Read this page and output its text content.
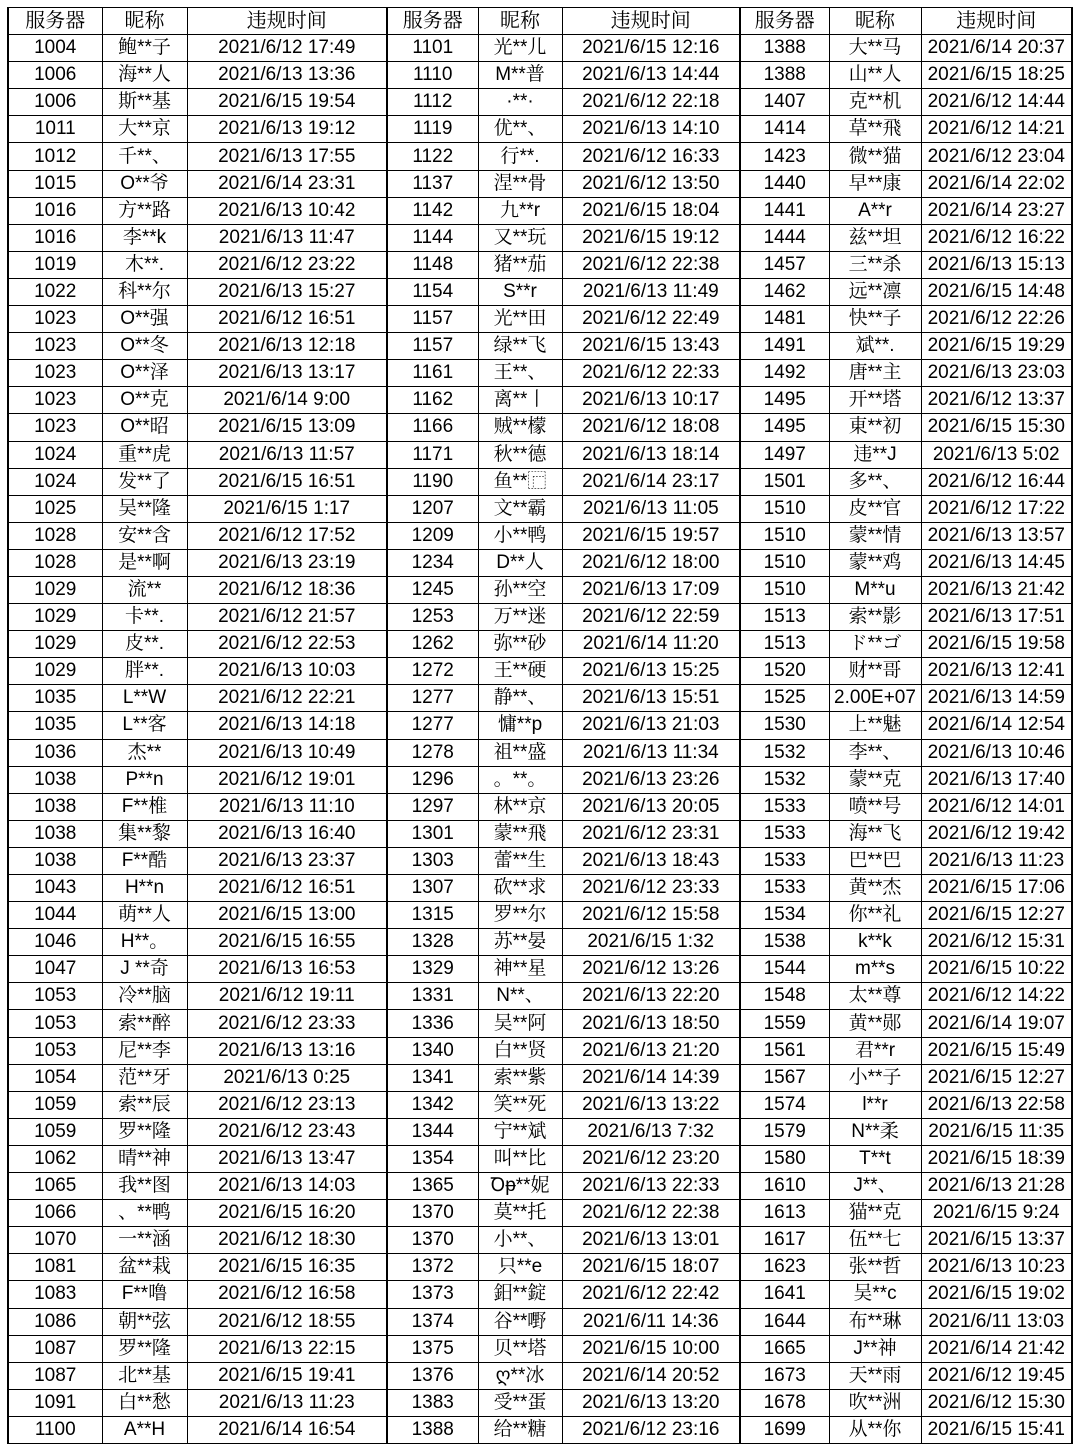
服务器	昵称	违规时间	服务器	昵称	违规时间	服务器	昵称	违规时间
1004	鲍**子	2021/6/12 17:49	1101	光**儿	2021/6/15 12:16	1388	大**马	2021/6/14 20:37
1006	海**人	2021/6/13 13:36	1110	M**普	2021/6/13 14:44	1388	山**人	2021/6/15 18:25
1006	斯**基	2021/6/15 19:54	1112	·**·	2021/6/12 22:18	1407	克**机	2021/6/12 14:44
1011	大**京	2021/6/13 19:12	1119	优**、	2021/6/13 14:10	1414	草**飛	2021/6/12 14:21
1012	千**、	2021/6/13 17:55	1122	行**.	2021/6/12 16:33	1423	微**猫	2021/6/12 23:04
1015	O**爷	2021/6/14 23:31	1137	涅**骨	2021/6/12 13:50	1440	早**康	2021/6/14 22:02
1016	方**路	2021/6/13 10:42	1142	九**r	2021/6/15 18:04	1441	A**r	2021/6/14 23:27
1016	李**k	2021/6/13 11:47	1144	又**玩	2021/6/15 19:12	1444	兹**坦	2021/6/12 16:22
1019	木**.	2021/6/12 23:22	1148	猪**茄	2021/6/12 22:38	1457	三**杀	2021/6/13 15:13
1022	科**尔	2021/6/13 15:27	1154	S**r	2021/6/13 11:49	1462	远**凛	2021/6/15 14:48
1023	O**强	2021/6/12 16:51	1157	光**田	2021/6/12 22:49	1481	快**子	2021/6/12 22:26
1023	O**冬	2021/6/13 12:18	1157	绿**飞	2021/6/15 13:43	1491	斌**.	2021/6/15 19:29
1023	O**泽	2021/6/13 13:17	1161	王**、	2021/6/12 22:33	1492	唐**主	2021/6/13 23:03
1023	O**克	2021/6/14 9:00	1162	离**丨	2021/6/13 10:17	1495	开**塔	2021/6/12 13:37
1023	O**昭	2021/6/15 13:09	1166	贼**檬	2021/6/12 18:08	1495	東**初	2021/6/15 15:30
1024	重**虎	2021/6/13 11:57	1171	秋**德	2021/6/13 18:14	1497	违**J	2021/6/13 5:02
1024	发**了	2021/6/15 16:51	1190	鱼**⿸	2021/6/14 23:17	1501	多**、	2021/6/12 16:44
1025	吴**隆	2021/6/15 1:17	1207	文**霸	2021/6/13 11:05	1510	皮**官	2021/6/12 17:22
1028	安**含	2021/6/12 17:52	1209	小**鸭	2021/6/15 19:57	1510	蒙**情	2021/6/13 13:57
1028	是**啊	2021/6/13 23:19	1234	D**人	2021/6/12 18:00	1510	蒙**鸡	2021/6/13 14:45
1029	流**	2021/6/12 18:36	1245	孙**空	2021/6/13 17:09	1510	M**u	2021/6/13 21:42
1029	卡**.	2021/6/12 21:57	1253	万**迷	2021/6/12 22:59	1513	索**影	2021/6/13 17:51
1029	皮**.	2021/6/12 22:53	1262	弥**砂	2021/6/14 11:20	1513	ド**ゴ	2021/6/15 19:58
1029	胖**.	2021/6/13 10:03	1272	王**硬	2021/6/13 15:25	1520	财**哥	2021/6/13 12:41
1035	L**W	2021/6/12 22:21	1277	静**、	2021/6/13 15:51	1525	2.00E+07	2021/6/13 14:59
1035	L**客	2021/6/13 14:18	1277	慵**p	2021/6/13 21:03	1530	上**魅	2021/6/14 12:54
1036	杰**	2021/6/13 10:49	1278	祖**盛	2021/6/13 11:34	1532	李**、	2021/6/13 10:46
1038	P**n	2021/6/12 19:01	1296	。**。	2021/6/13 23:26	1532	蒙**克	2021/6/13 17:40
1038	F**椎	2021/6/13 11:10	1297	林**京	2021/6/13 20:05	1533	喷**号	2021/6/12 14:01
1038	集**黎	2021/6/13 16:40	1301	蒙**飛	2021/6/12 23:31	1533	海**飞	2021/6/12 19:42
1038	F**酷	2021/6/13 23:37	1303	蕾**生	2021/6/13 18:43	1533	巴**巴	2021/6/13 11:23
1043	H**n	2021/6/12 16:51	1307	砍**求	2021/6/12 23:33	1533	黄**杰	2021/6/15 17:06
1044	萌**人	2021/6/15 13:00	1315	罗**尔	2021/6/12 15:58	1534	你**礼	2021/6/15 12:27
1046	H**。	2021/6/15 16:55	1328	苏**晏	2021/6/15 1:32	1538	k**k	2021/6/12 15:31
1047	J **奇	2021/6/13 16:53	1329	神**星	2021/6/12 13:26	1544	m**s	2021/6/15 10:22
1053	冷**脑	2021/6/12 19:11	1331	N**、	2021/6/13 22:20	1548	太**尊	2021/6/12 14:22
1053	索**醉	2021/6/12 23:33	1336	吴**阿	2021/6/13 18:50	1559	黄**郧	2021/6/14 19:07
1053	尼**李	2021/6/13 13:16	1340	白**贤	2021/6/13 21:20	1561	君**r	2021/6/15 15:49
1054	范**牙	2021/6/13 0:25	1341	索**紫	2021/6/14 14:39	1567	小**子	2021/6/15 12:27
1059	索**辰	2021/6/12 23:13	1342	笑**死	2021/6/13 13:22	1574	l**r	2021/6/13 22:58
1059	罗**隆	2021/6/12 23:43	1344	宁**斌	2021/6/13 7:32	1579	N**柔	2021/6/15 11:35
1062	晴**神	2021/6/13 13:47	1354	叫**比	2021/6/12 23:20	1580	T**t	2021/6/15 18:39
1065	我**图	2021/6/13 14:03	1365	Ꝺᵽ**妮	2021/6/13 22:33	1610	J**、	2021/6/13 21:28
1066	、**鸭	2021/6/15 16:20	1370	莫**托	2021/6/12 22:38	1613	猫**克	2021/6/15 9:24
1070	一**涵	2021/6/12 18:30	1370	小**、	2021/6/13 13:01	1617	伍**七	2021/6/15 13:37
1081	盆**栽	2021/6/15 16:35	1372	只**e	2021/6/15 18:07	1623	张**哲	2021/6/13 10:23
1083	F**噜	2021/6/12 16:58	1373	鈤**錠	2021/6/12 22:42	1641	吴**c	2021/6/15 19:02
1086	朝**弦	2021/6/12 18:55	1374	谷**嘢	2021/6/11 14:36	1644	布**琳	2021/6/11 13:03
1087	罗**隆	2021/6/13 22:15	1375	贝**塔	2021/6/15 10:00	1665	J**神	2021/6/14 21:42
1087	北**基	2021/6/15 19:41	1376	ღ**冰	2021/6/14 20:52	1673	天**雨	2021/6/12 19:45
1091	白**愁	2021/6/13 11:23	1383	受**蛋	2021/6/13 13:20	1678	吹**洲	2021/6/12 15:30
1100	A**H	2021/6/14 16:54	1388	给**糖	2021/6/12 23:16	1699	从**你	2021/6/15 15:41
